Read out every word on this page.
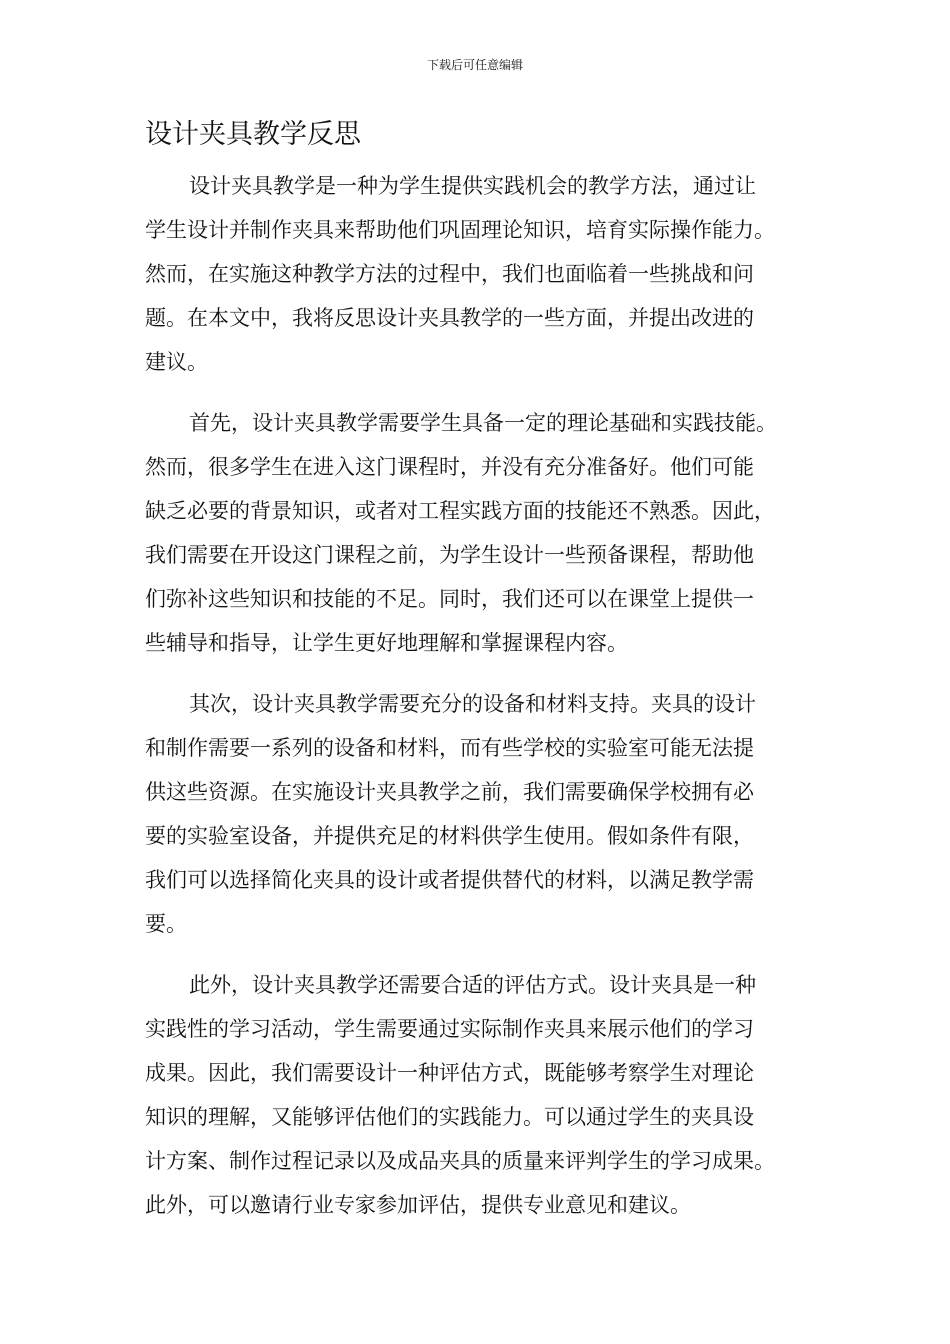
下载后可任意编辑
设计夹具教学反思
设计夹具教学是一种为学生提供实践机会的教学方法，通过让
学生设计并制作夹具来帮助他们巩固理论知识，培育实际操作能力。
然而，在实施这种教学方法的过程中，我们也面临着一些挑战和问
题。在本文中，我将反思设计夹具教学的一些方面，并提出改进的
建议。
首先，设计夹具教学需要学生具备一定的理论基础和实践技能。
然而，很多学生在进入这门课程时，并没有充分准备好。他们可能
缺乏必要的背景知识，或者对工程实践方面的技能还不熟悉。因此，
我们需要在开设这门课程之前，为学生设计一些预备课程，帮助他
们弥补这些知识和技能的不足。同时，我们还可以在课堂上提供一
些辅导和指导，让学生更好地理解和掌握课程内容。
其次，设计夹具教学需要充分的设备和材料支持。夹具的设计
和制作需要一系列的设备和材料，而有些学校的实验室可能无法提
供这些资源。在实施设计夹具教学之前，我们需要确保学校拥有必
要的实验室设备，并提供充足的材料供学生使用。假如条件有限，
我们可以选择简化夹具的设计或者提供替代的材料，以满足教学需
要。
此外，设计夹具教学还需要合适的评估方式。设计夹具是一种
实践性的学习活动，学生需要通过实际制作夹具来展示他们的学习
成果。因此，我们需要设计一种评估方式，既能够考察学生对理论
知识的理解，又能够评估他们的实践能力。可以通过学生的夹具设
计方案、制作过程记录以及成品夹具的质量来评判学生的学习成果。
此外，可以邀请行业专家参加评估，提供专业意见和建议。
